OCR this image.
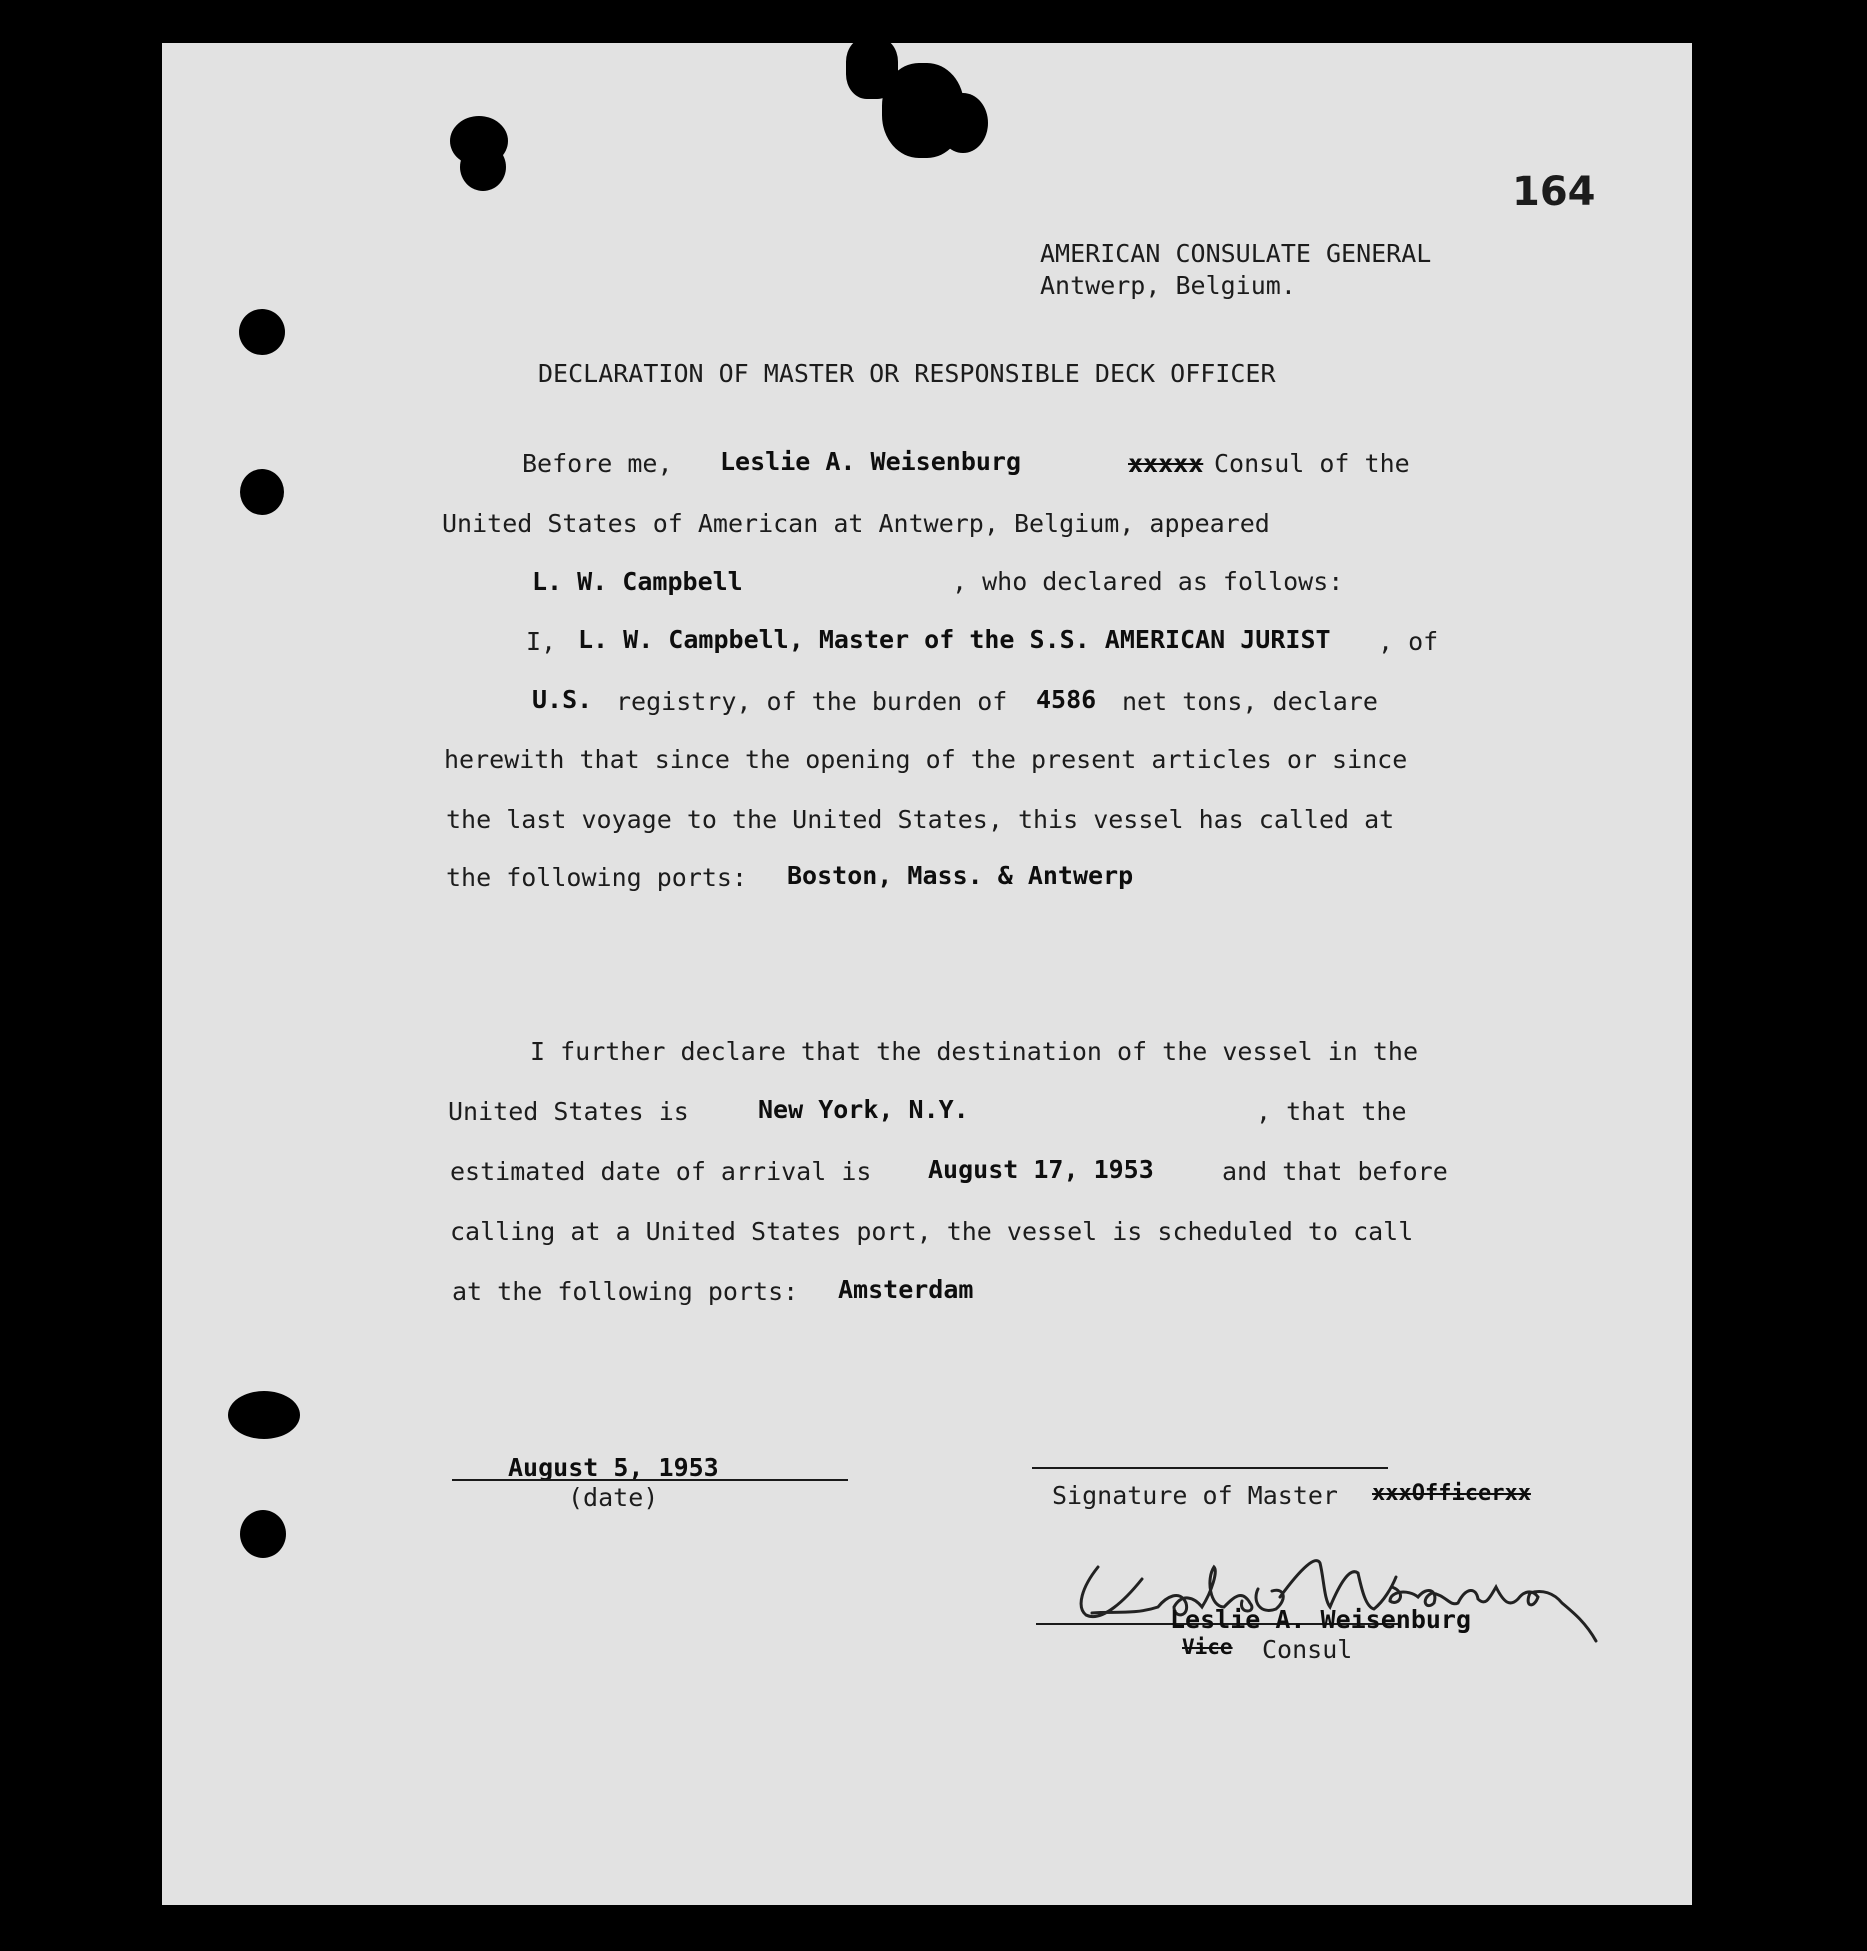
164
AMERICAN CONSULATE GENERAL
Antwerp, Belgium.
DECLARATION OF MASTER OR RESPONSIBLE DECK OFFICER
Before me, Leslie A. Weisenburg	xxxxx Consul of the
United States of American at Antwerp, Belgium, appeared
L. W. Campbell	, who declared as follows:
I, L. W. Campbell, Master of the S.S. AMERICAN JURIST , of
U.S. registry, of the burden of 4586 net tons, declare
herewith that since the opening of the present articles or since
the last voyage to the United States, this vessel has called at
the following ports: Boston, Mass. & Antwerp
I further declare that the destination of the vessel in the
United States is	New York, N.Y.	, that the
estimated date of arrival is August 17, 1953	and that before
calling at a United States port, the vessel is scheduled to call
at the following ports: Amsterdam
August 5, 1953
(date)	Signature of Master xxxOfficerxx
Leslie A. Weisenburg
Vice Consul
